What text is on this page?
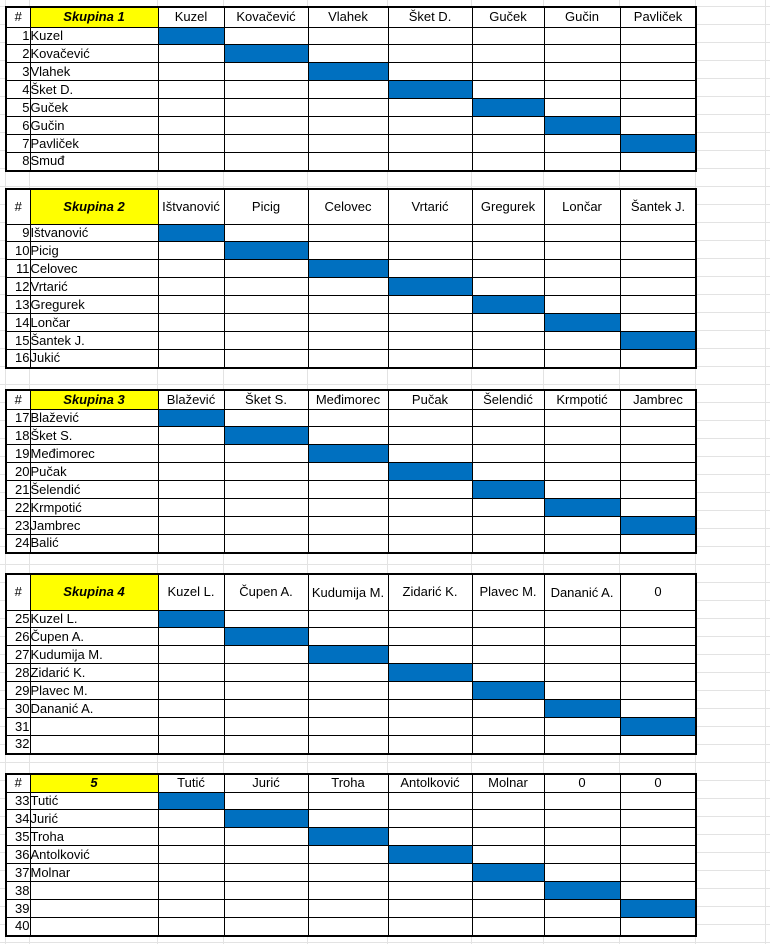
#	Skupina 1	Kuzel	Kovačević	Vlahek	Šket D.	Guček	Gučin	Pavliček	
1	Kuzel								
2	Kovačević								
3	Vlahek								
4	Šket D.								
5	Guček								
6	Gučin								
7	Pavliček								
8	Smuđ								
#	Skupina 2	Ištvanović	Picig	Celovec	Vrtarić	Gregurek	Lončar	Šantek J.	
9	Ištvanović								
10	Picig								
11	Celovec								
12	Vrtarić								
13	Gregurek								
14	Lončar								
15	Šantek J.								
16	Jukić								
#	Skupina 3	Blažević	Šket S.	Međimorec	Pučak	Šelendić	Krmpotić	Jambrec	
17	Blažević								
18	Šket S.								
19	Međimorec								
20	Pučak								
21	Šelendić								
22	Krmpotić								
23	Jambrec								
24	Balić								
#	Skupina 4	Kuzel L.	Čupen A.	Kudumija M.	Zidarić K.	Plavec M.	Dananić A.	0	
25	Kuzel L.								
26	Čupen A.								
27	Kudumija M.								
28	Zidarić K.								
29	Plavec M.								
30	Dananić A.								
31									
32									
#	5	Tutić	Jurić	Troha	Antolković	Molnar	0	0	
33	Tutić								
34	Jurić								
35	Troha								
36	Antolković								
37	Molnar								
38									
39									
40									
